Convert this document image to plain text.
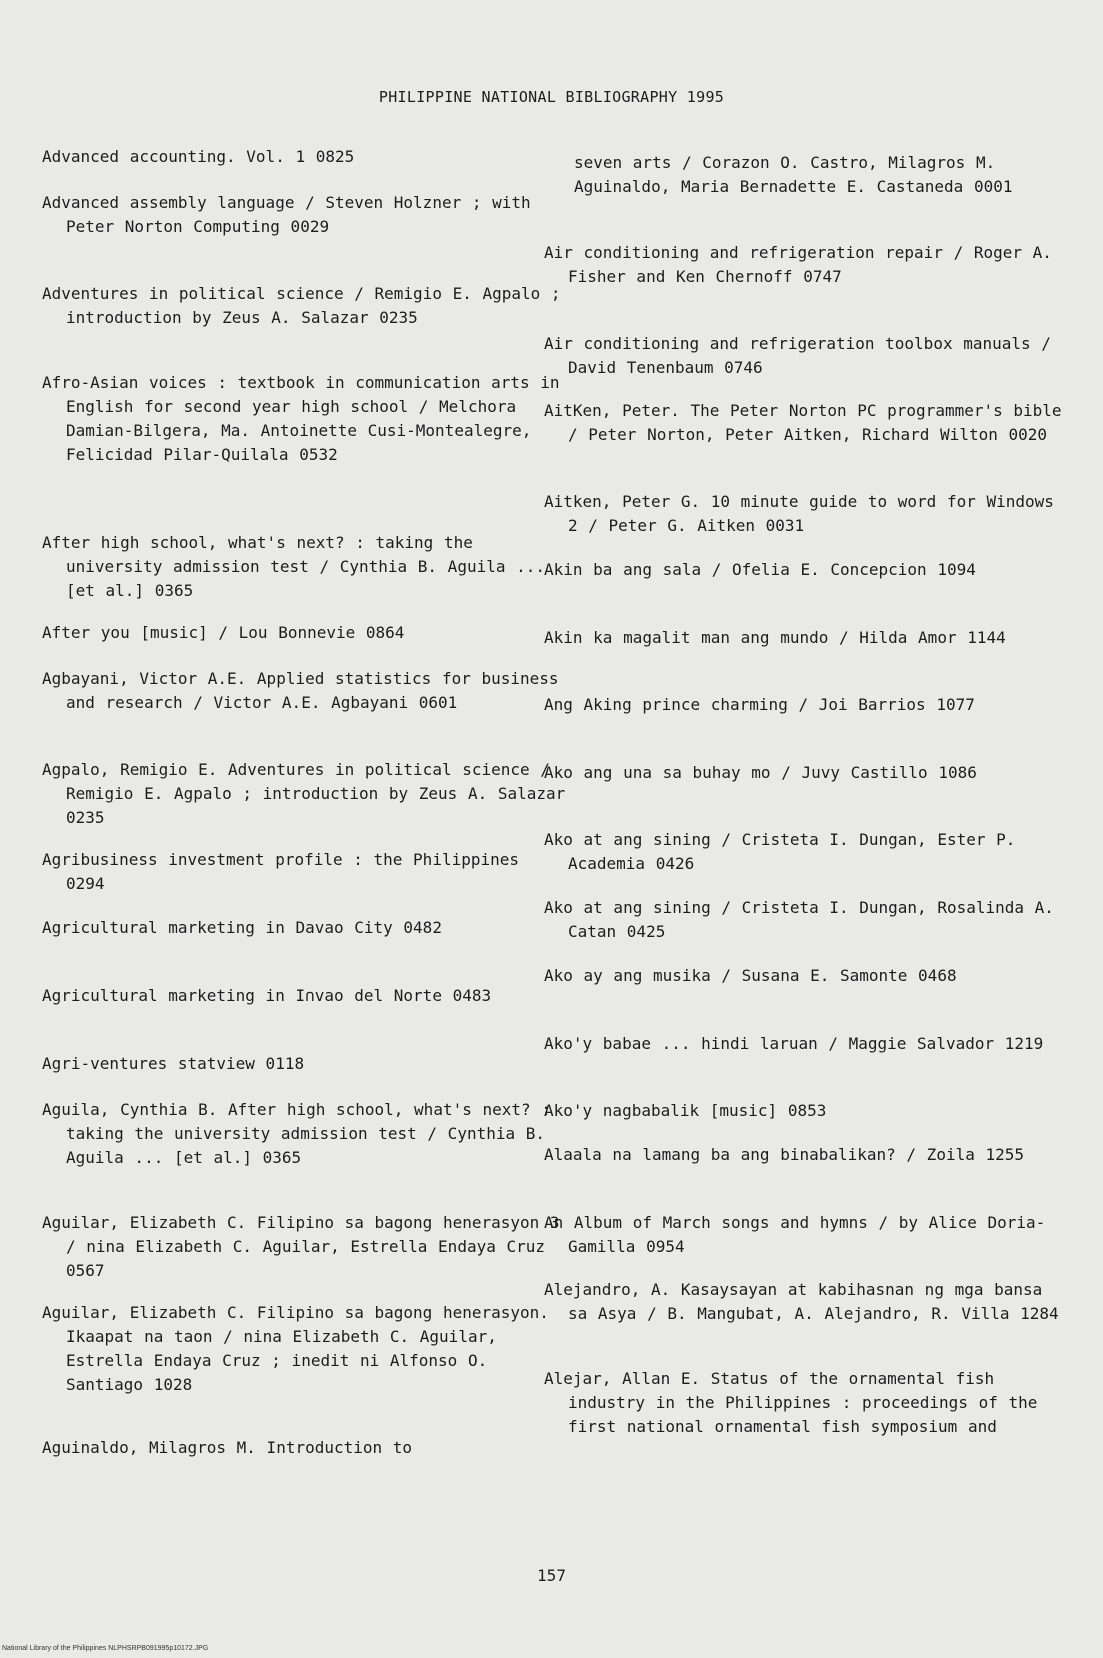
PHILIPPINE NATIONAL BIBLIOGRAPHY 1995
Advanced accounting. Vol. 1 0825
Advanced assembly language / Steven Holzner ; with Peter Norton Computing 0029
Adventures in political science / Remigio E. Agpalo ; introduction by Zeus A. Salazar 0235
Afro-Asian voices : textbook in communication arts in English for second year high school / Melchora Damian-Bilgera, Ma. Antoinette Cusi-Montealegre, Felicidad Pilar-Quilala 0532
After high school, what's next? : taking the university admission test / Cynthia B. Aguila ... [et al.] 0365
After you [music] / Lou Bonnevie 0864
Agbayani, Victor A.E. Applied statistics for business and research / Victor A.E. Agbayani 0601
Agpalo, Remigio E. Adventures in political science / Remigio E. Agpalo ; introduction by Zeus A. Salazar 0235
Agribusiness investment profile : the Philippines 0294
Agricultural marketing in Davao City 0482
Agricultural marketing in I∩vao del Norte 0483
Agri-ventures statview 0118
Aguila, Cynthia B. After high school, what's next? : taking the university admission test / Cynthia B. Aguila ... [et al.] 0365
Aguilar, Elizabeth C. Filipino sa bagong henerasyon 3 / nina Elizabeth C. Aguilar, Estrella Endaya Cruz 0567
Aguilar, Elizabeth C. Filipino sa bagong henerasyon. Ikaapat na taon / nina Elizabeth C. Aguilar, Estrella Endaya Cruz ; inedit ni Alfonso O. Santiago 1028
Aguinaldo, Milagros M. Introduction to
seven arts / Corazon O. Castro, Milagros M. Aguinaldo, Maria Bernadette E. Castaneda 0001
Air conditioning and refrigeration repair / Roger A. Fisher and Ken Chernoff 0747
Air conditioning and refrigeration toolbox manuals / David Tenenbaum 0746
AitKen, Peter. The Peter Norton PC programmer's bible / Peter Norton, Peter Aitken, Richard Wilton 0020
Aitken, Peter G. 10 minute guide to word for Windows 2 / Peter G. Aitken 0031
Akin ba ang sala / Ofelia E. Concepcion 1094
Akin ka magalit man ang mundo / Hilda Amor 1144
Ang Aking prince charming / Joi Barrios 1077
Ako ang una sa buhay mo / Juvy Castillo 1086
Ako at ang sining / Cristeta I. Dungan, Ester P. Academia 0426
Ako at ang sining / Cristeta I. Dungan, Rosalinda A. Catan 0425
Ako ay ang musika / Susana E. Samonte 0468
Ako'y babae ... hindi laruan / Maggie Salvador 1219
Ako'y nagbabalik [music] 0853
Alaala na lamang ba ang binabalikan? / Zoila 1255
An Album of March songs and hymns / by Alice Doria-Gamilla 0954
Alejandro, A. Kasaysayan at kabihasnan ng mga bansa sa Asya / B. Mangubat, A. Alejandro, R. Villa 1284
Alejar, Allan E. Status of the ornamental fish industry in the Philippines : proceedings of the first national ornamental fish symposium and
157
National Library of the Philippines NLPHSRPB091995p10172.JPG
